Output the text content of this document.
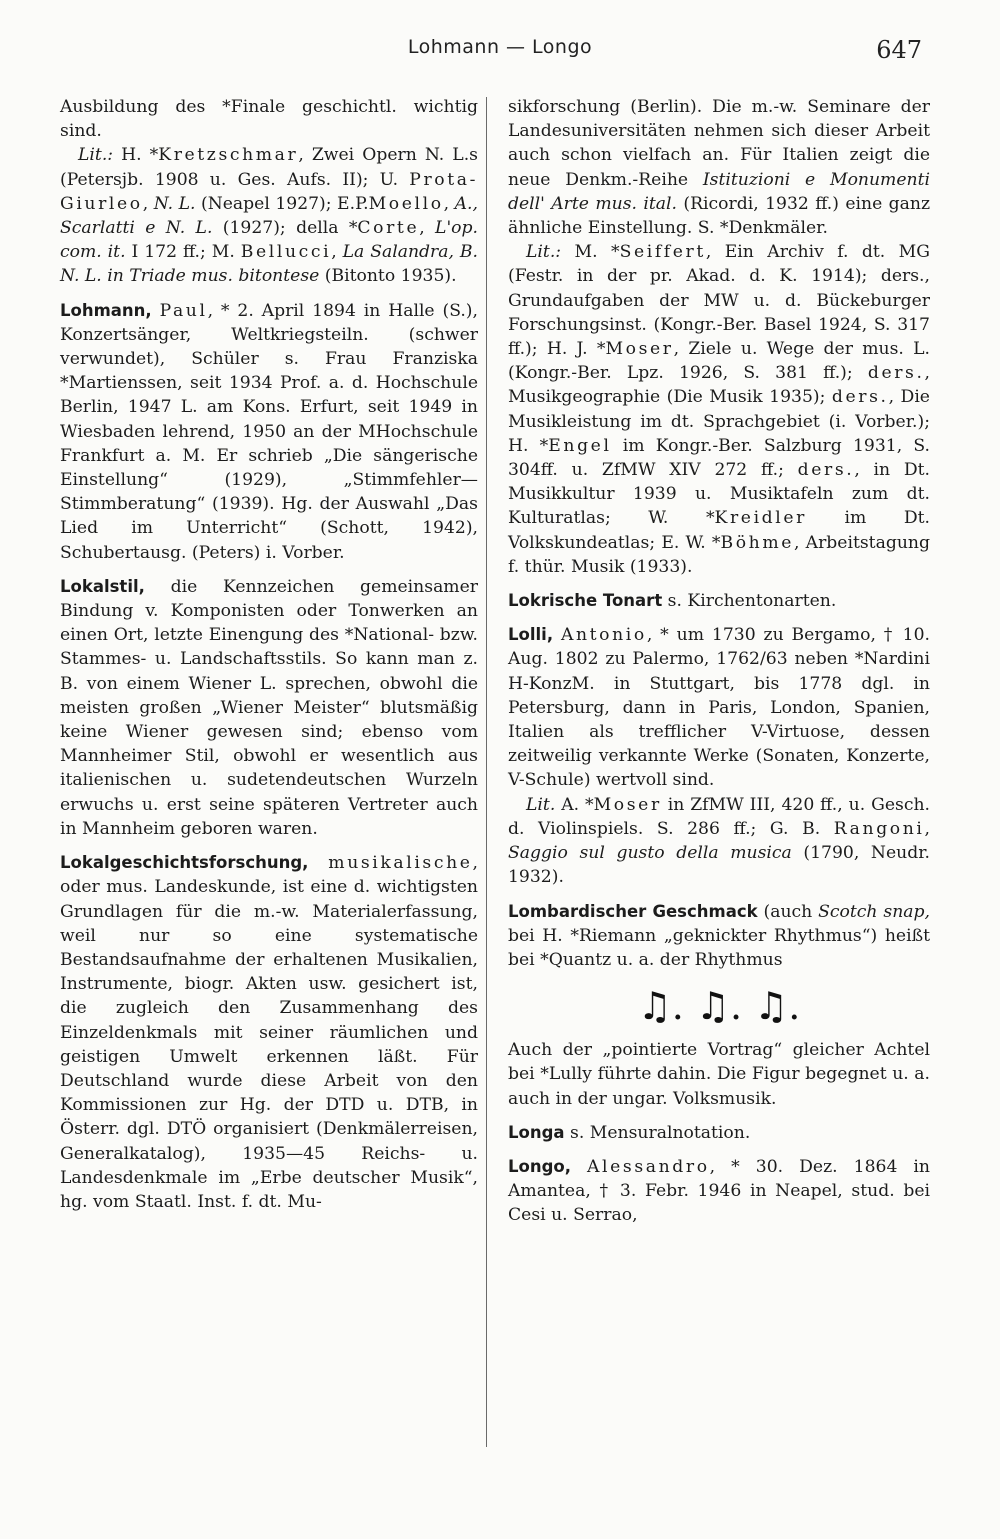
Lohmann — Longo	647

Ausbildung des *Finale geschichtl. wichtig sind.

Lit.: H. *Kretzschmar, Zwei Opern N. L.s (Petersjb. 1908 u. Ges. Aufs. II); U. Prota-Giurleo, N. L. (Neapel 1927); E.P.Moello, A., Scarlatti e N. L. (1927); della *Corte, L'op. com. it. I 172 ff.; M. Bellucci, La Salandra, B. N. L. in Triade mus. bitontese (Bitonto 1935).

Lohmann, Paul, * 2. April 1894 in Halle (S.), Konzertsänger, Weltkriegsteiln. (schwer verwundet), Schüler s. Frau Franziska *Martienssen, seit 1934 Prof. a. d. Hochschule Berlin, 1947 L. am Kons. Erfurt, seit 1949 in Wiesbaden lehrend, 1950 an der MHochschule Frankfurt a. M. Er schrieb „Die sängerische Einstellung“ (1929), „Stimmfehler—Stimmberatung“ (1939). Hg. der Auswahl „Das Lied im Unterricht“ (Schott, 1942), Schubertausg. (Peters) i. Vorber.

Lokalstil, die Kennzeichen gemeinsamer Bindung v. Komponisten oder Tonwerken an einen Ort, letzte Einengung des *National- bzw. Stammes- u. Landschaftsstils. So kann man z. B. von einem Wiener L. sprechen, obwohl die meisten großen „Wiener Meister“ blutsmäßig keine Wiener gewesen sind; ebenso vom Mannheimer Stil, obwohl er wesentlich aus italienischen u. sudetendeutschen Wurzeln erwuchs u. erst seine späteren Vertreter auch in Mannheim geboren waren.

Lokalgeschichtsforschung, musikalische, oder mus. Landeskunde, ist eine d. wichtigsten Grundlagen für die m.-w. Materialerfassung, weil nur so eine systematische Bestandsaufnahme der erhaltenen Musikalien, Instrumente, biogr. Akten usw. gesichert ist, die zugleich den Zusammenhang des Einzeldenkmals mit seiner räumlichen und geistigen Umwelt erkennen läßt. Für Deutschland wurde diese Arbeit von den Kommissionen zur Hg. der DTD u. DTB, in Österr. dgl. DTÖ organisiert (Denkmälerreisen, Generalkatalog), 1935—45 Reichs- u. Landesdenkmale im „Erbe deutscher Musik“, hg. vom Staatl. Inst. f. dt. Mu-

sikforschung (Berlin). Die m.-w. Seminare der Landesuniversitäten nehmen sich dieser Arbeit auch schon vielfach an. Für Italien zeigt die neue Denkm.-Reihe Istituzioni e Monumenti dell' Arte mus. ital. (Ricordi, 1932 ff.) eine ganz ähnliche Einstellung. S. *Denkmäler.

Lit.: M. *Seiffert, Ein Archiv f. dt. MG (Festr. in der pr. Akad. d. K. 1914); ders., Grundaufgaben der MW u. d. Bückeburger Forschungsinst. (Kongr.-Ber. Basel 1924, S. 317 ff.); H. J. *Moser, Ziele u. Wege der mus. L. (Kongr.-Ber. Lpz. 1926, S. 381 ff.); ders., Musikgeographie (Die Musik 1935); ders., Die Musikleistung im dt. Sprachgebiet (i. Vorber.); H. *Engel im Kongr.-Ber. Salzburg 1931, S. 304ff. u. ZfMW XIV 272 ff.; ders., in Dt. Musikkultur 1939 u. Musiktafeln zum dt. Kulturatlas; W. *Kreidler im Dt. Volkskundeatlas; E. W. *Böhme, Arbeitstagung f. thür. Musik (1933).

Lokrische Tonart s. Kirchentonarten.

Lolli, Antonio, * um 1730 zu Bergamo, † 10. Aug. 1802 zu Palermo, 1762/63 neben *Nardini H-KonzM. in Stuttgart, bis 1778 dgl. in Petersburg, dann in Paris, London, Spanien, Italien als trefflicher V-Virtuose, dessen zeitweilig verkannte Werke (Sonaten, Konzerte, V-Schule) wertvoll sind.

Lit. A. *Moser in ZfMW III, 420 ff., u. Gesch. d. Violinspiels. S. 286 ff.; G. B. Rangoni, Saggio sul gusto della musica (1790, Neudr. 1932).

Lombardischer Geschmack (auch Scotch snap, bei H. *Riemann „geknickter Rhythmus“) heißt bei *Quantz u. a. der Rhythmus

♫. ♫. ♫.

Auch der „pointierte Vortrag“ gleicher Achtel bei *Lully führte dahin. Die Figur begegnet u. a. auch in der ungar. Volksmusik.

Longa s. Mensuralnotation.

Longo, Alessandro, * 30. Dez. 1864 in Amantea, † 3. Febr. 1946 in Neapel, stud. bei Cesi u. Serrao,
